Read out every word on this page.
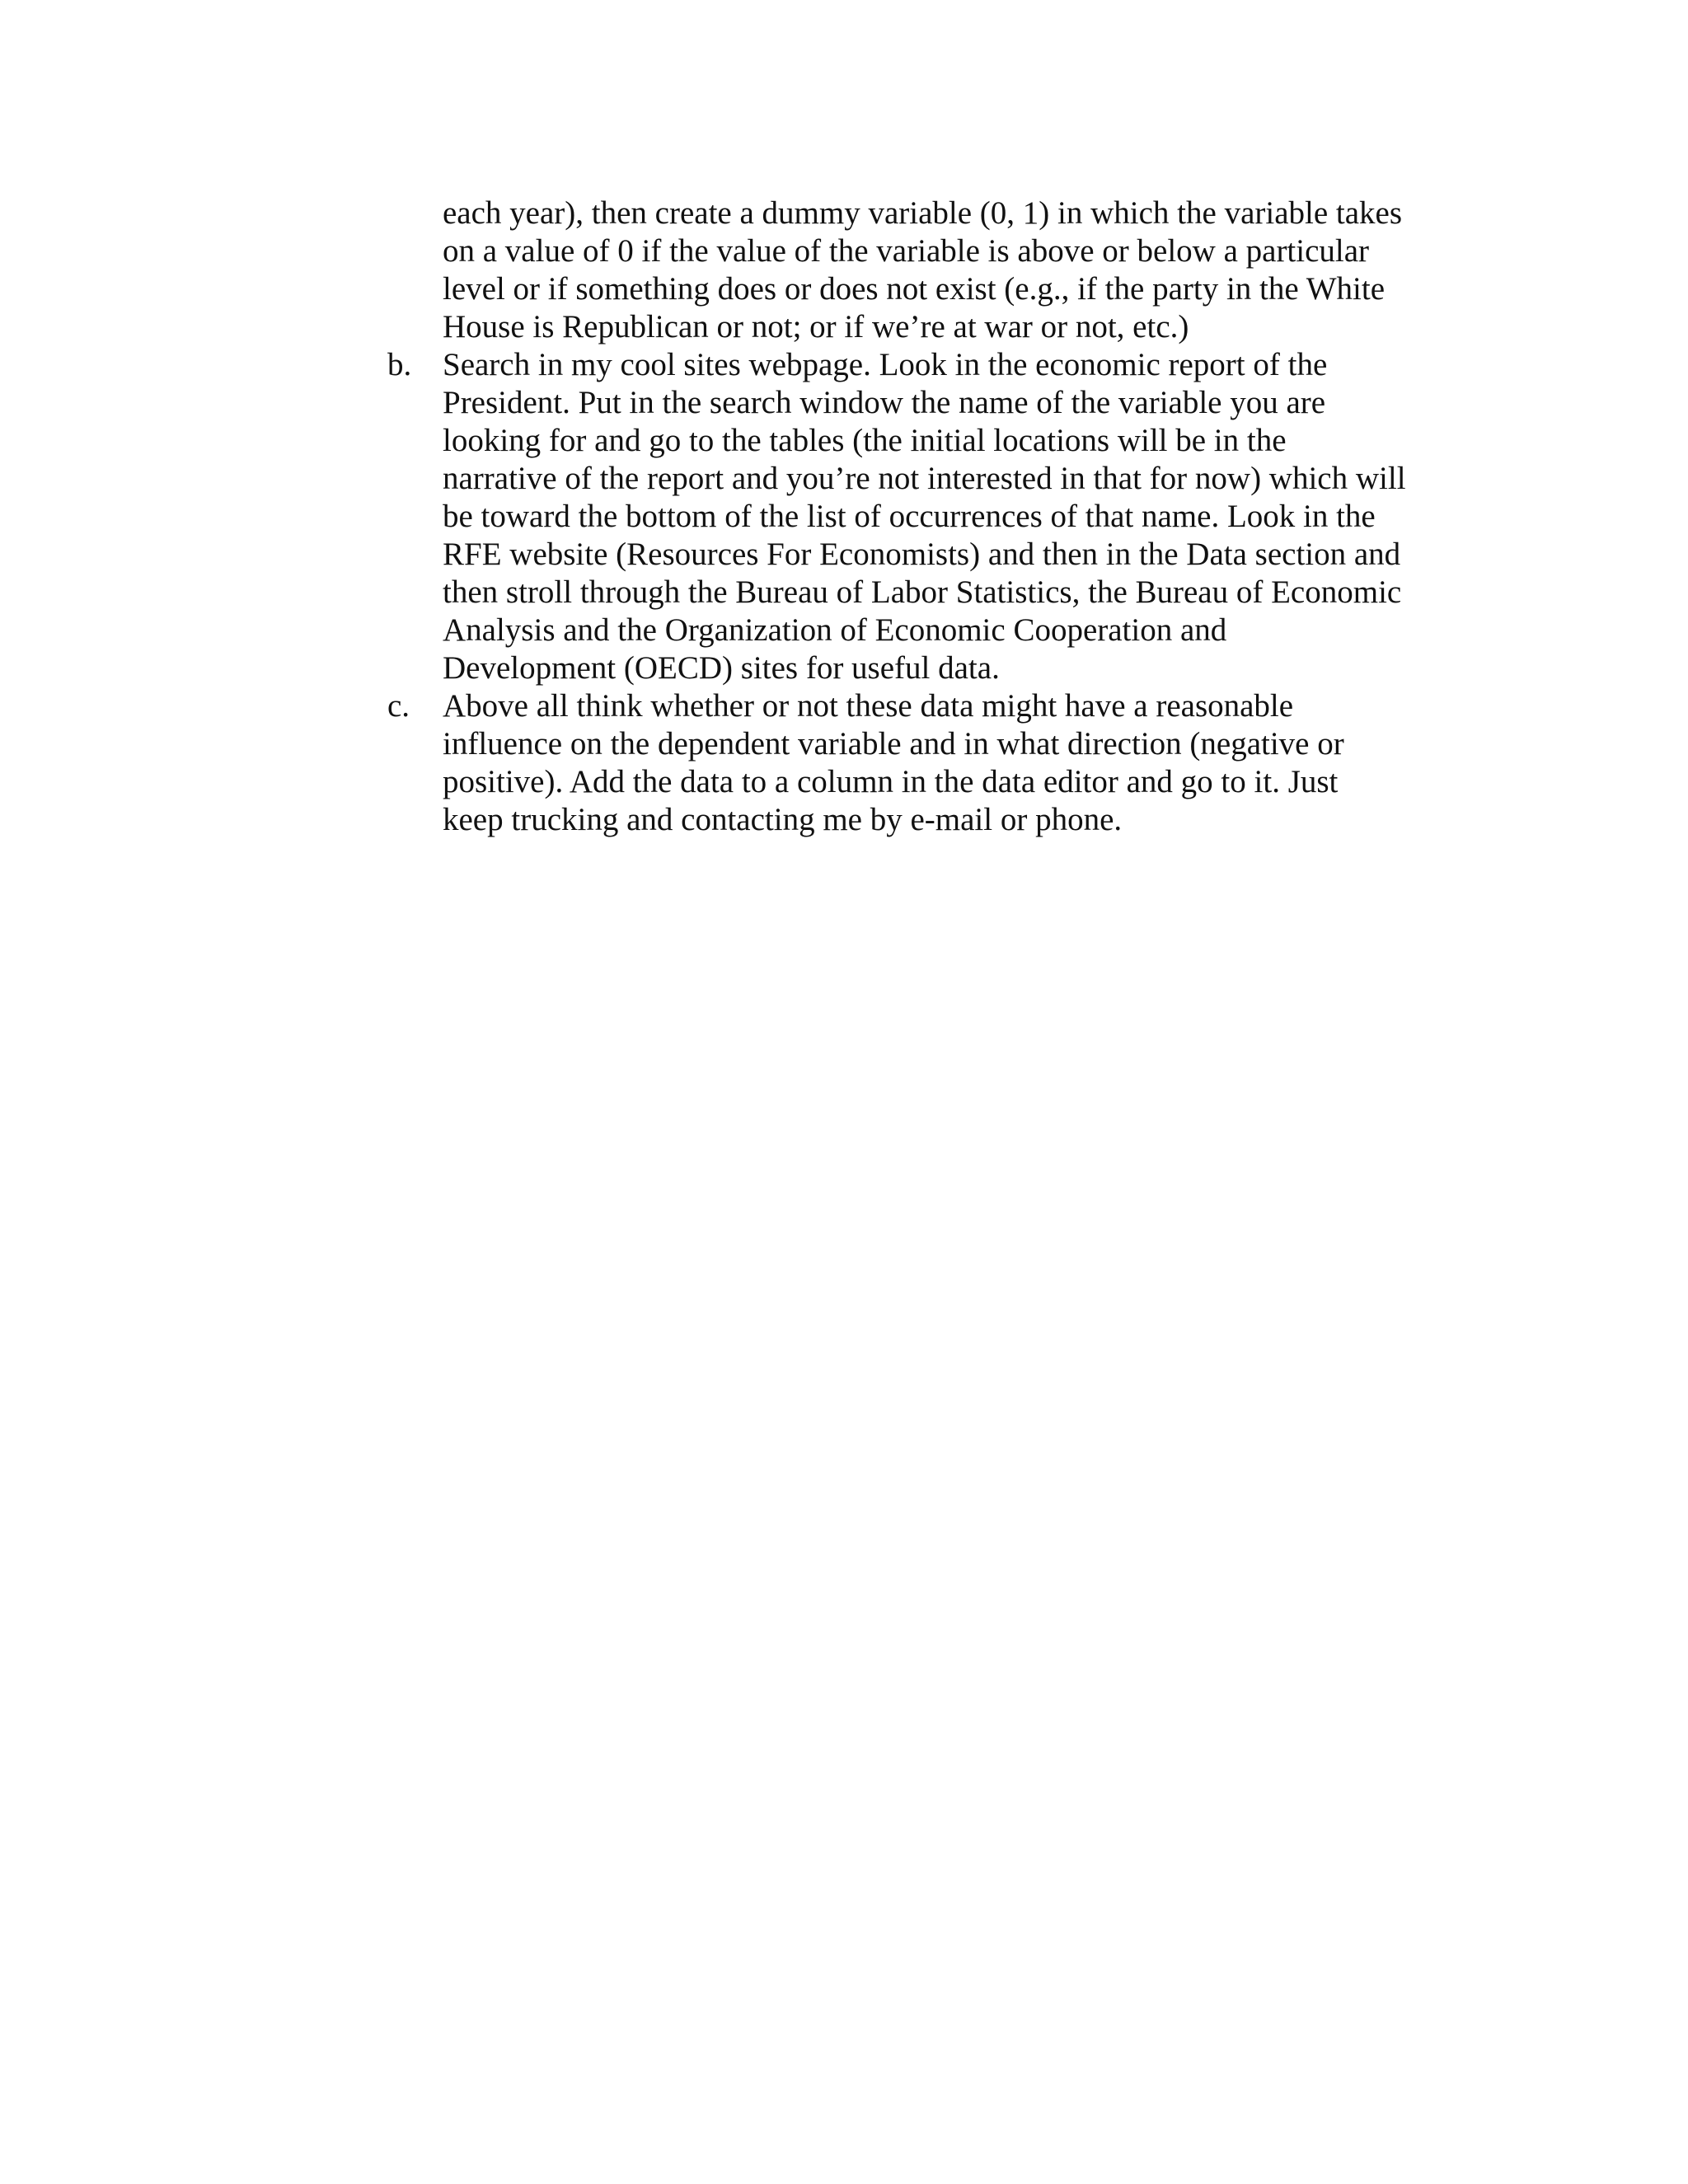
each year), then create a dummy variable (0, 1) in which the variable takes
on a value of 0 if the value of the variable is above or below a particular
level or if something does or does not exist (e.g., if the party in the White
House is Republican or not; or if we’re at war or not, etc.)

b. Search in my cool sites webpage. Look in the economic report of the
President. Put in the search window the name of the variable you are
looking for and go to the tables (the initial locations will be in the
narrative of the report and you’re not interested in that for now) which will
be toward the bottom of the list of occurrences of that name. Look in the
RFE website (Resources For Economists) and then in the Data section and
then stroll through the Bureau of Labor Statistics, the Bureau of Economic
Analysis and the Organization of Economic Cooperation and
Development (OECD) sites for useful data.
c.	Above all think whether or not these data might have a reasonable
influence on the dependent variable and in what direction (negative or
positive). Add the data to a column in the data editor and go to it. Just
keep trucking and contacting me by e-mail or phone.
